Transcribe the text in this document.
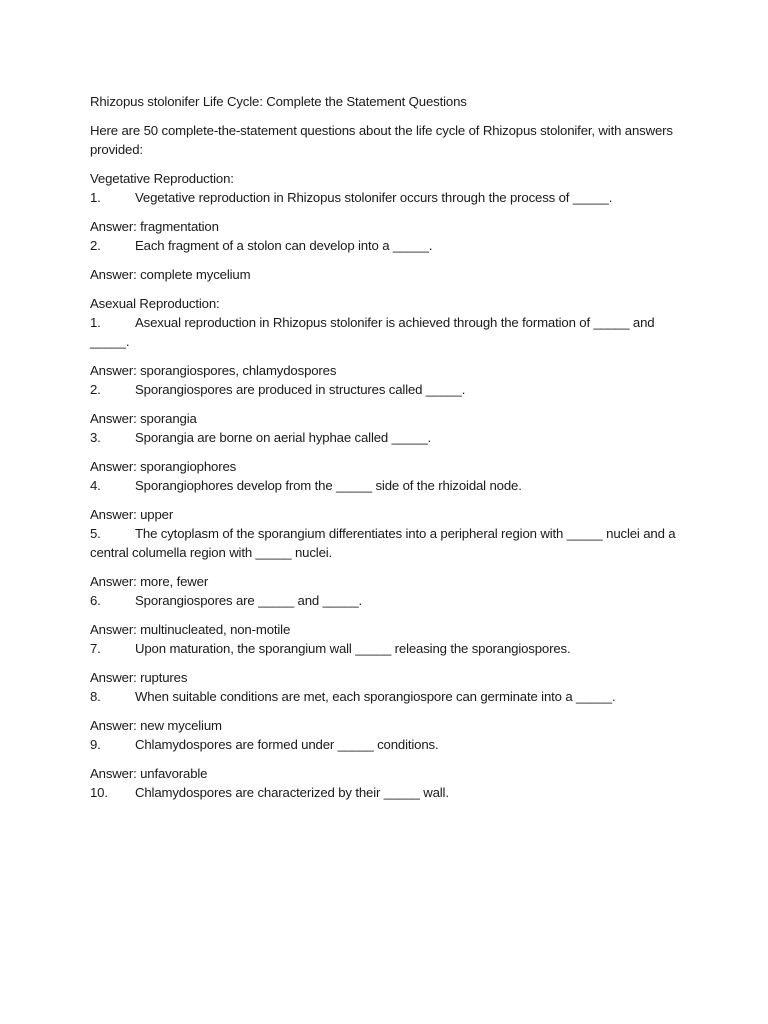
Rhizopus stolonifer Life Cycle: Complete the Statement Questions

Here are 50 complete-the-statement questions about the life cycle of Rhizopus stolonifer, with answers provided:

Vegetative Reproduction:

1.	Vegetative reproduction in Rhizopus stolonifer occurs through the process of _____.

Answer: fragmentation

2.	Each fragment of a stolon can develop into a _____.

Answer: complete mycelium

Asexual Reproduction:

1.	Asexual reproduction in Rhizopus stolonifer is achieved through the formation of _____ and _____.

Answer: sporangiospores, chlamydospores

2.	Sporangiospores are produced in structures called _____.

Answer: sporangia

3.	Sporangia are borne on aerial hyphae called _____.

Answer: sporangiophores

4.	Sporangiophores develop from the _____ side of the rhizoidal node.

Answer: upper

5.	The cytoplasm of the sporangium differentiates into a peripheral region with _____ nuclei and a central columella region with _____ nuclei.

Answer: more, fewer

6.	Sporangiospores are _____ and _____.

Answer: multinucleated, non-motile

7.	Upon maturation, the sporangium wall _____ releasing the sporangiospores.

Answer: ruptures

8.	When suitable conditions are met, each sporangiospore can germinate into a _____.

Answer: new mycelium

9.	Chlamydospores are formed under _____ conditions.

Answer: unfavorable

10. Chlamydospores are characterized by their _____ wall.
